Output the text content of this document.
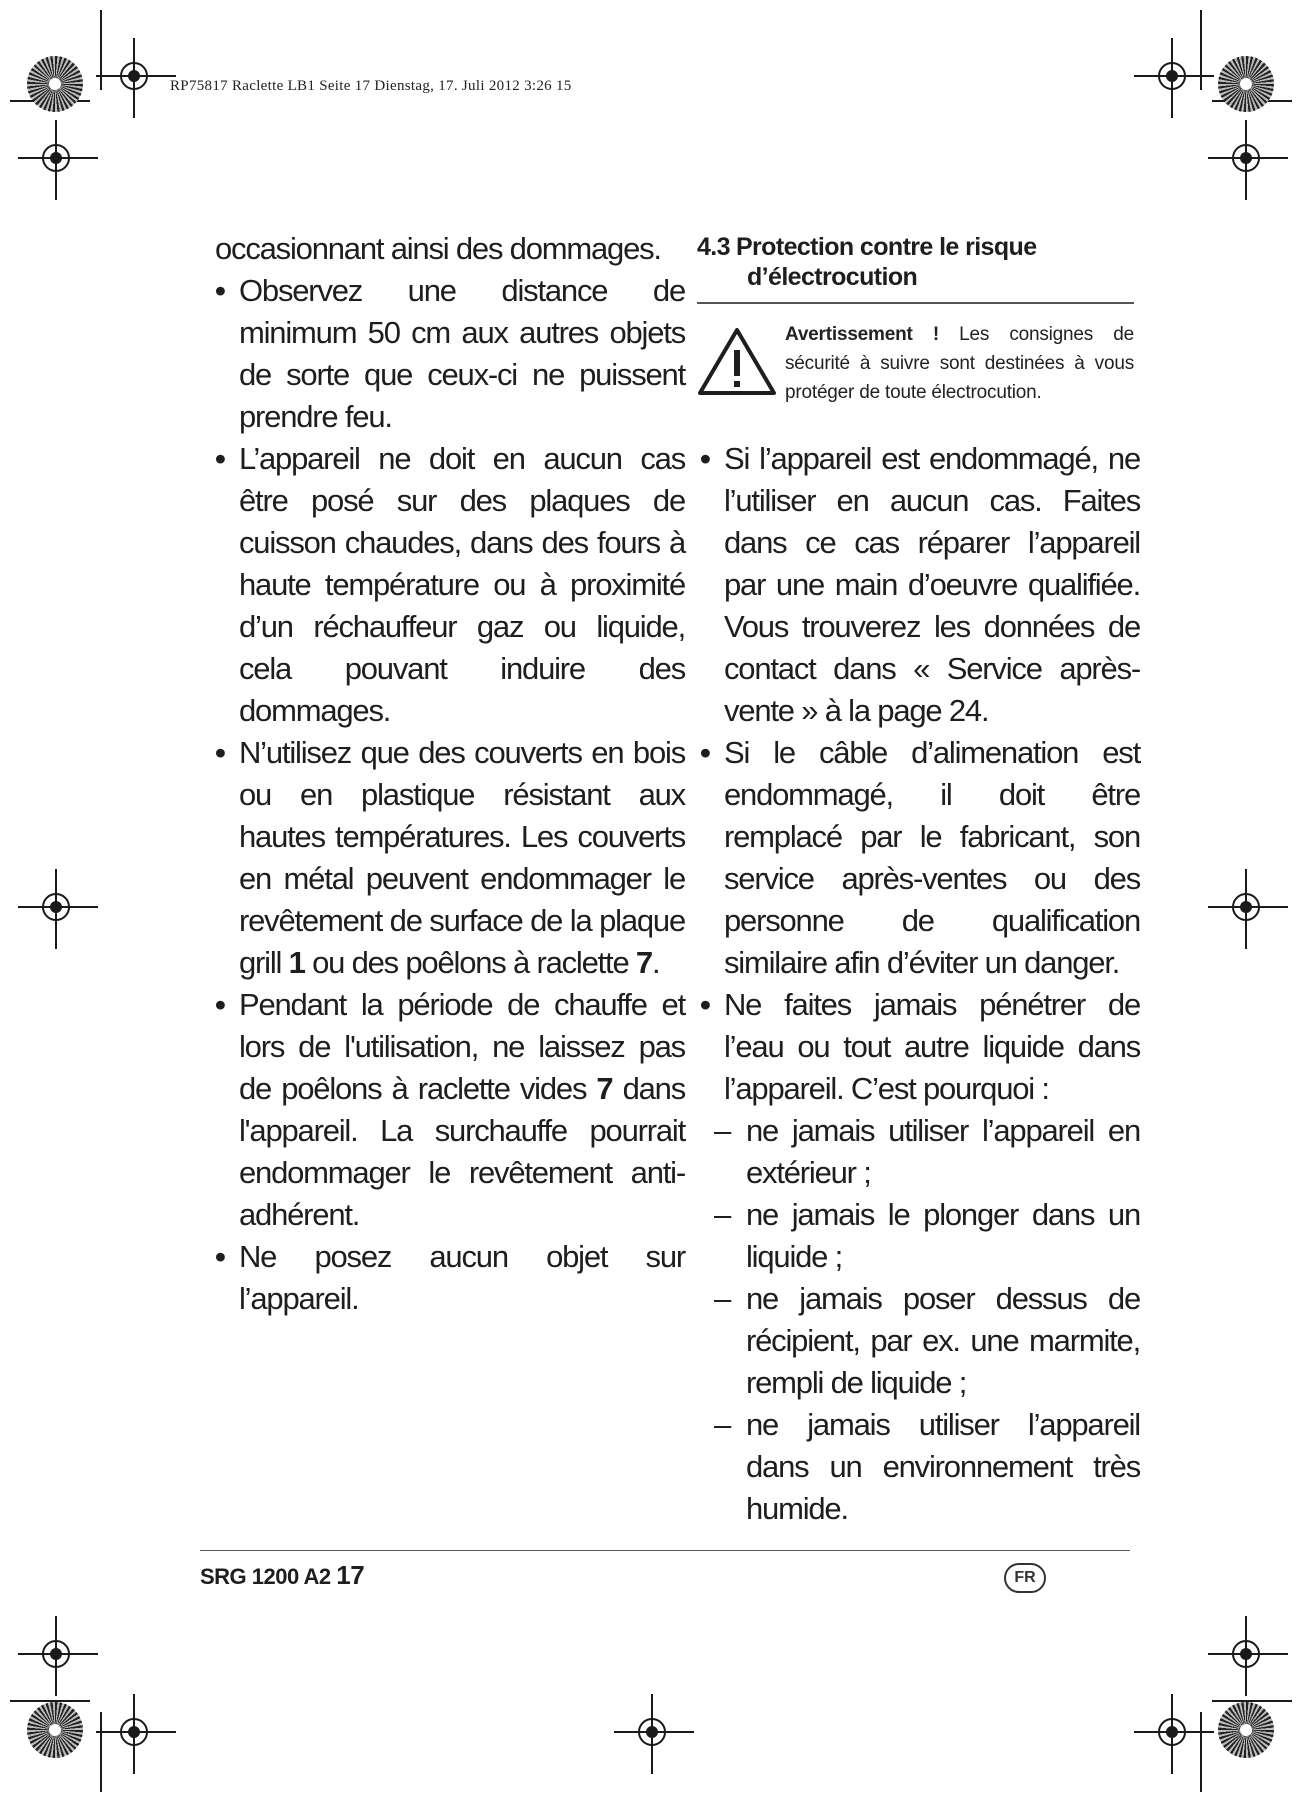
RP75817 Raclette LB1 Seite 17 Dienstag, 17. Juli 2012 3:26 15

occasionnant ainsi des dommages.

• Observez une distance de minimum 50 cm aux autres objets de sorte que ceux-ci ne puissent prendre feu.

• L’appareil ne doit en aucun cas être posé sur des plaques de cuisson chaudes, dans des fours à haute température ou à proximité d’un réchauffeur gaz ou liquide, cela pouvant induire des dommages.

• N’utilisez que des couverts en bois ou en plastique résistant aux hautes températures. Les couverts en métal peuvent endommager le revêtement de surface de la plaque grill 1 ou des poêlons à raclette 7.

• Pendant la période de chauffe et lors de l'utilisation, ne laissez pas de poêlons à raclette vides 7 dans l'appareil. La surchauffe pourrait endommager le revêtement anti-adhérent.

• Ne posez aucun objet sur l’appareil.

4.3 Protection contre le risque
d’électrocution
Avertissement ! Les consignes de sécurité à suivre sont destinées à vous protéger de toute électrocution.

• Si l’appareil est endommagé, ne l’utiliser en aucun cas. Faites dans ce cas réparer l’appareil par une main d’oeuvre qualifiée. Vous trouverez les données de contact dans « Service après-vente » à la page 24.

• Si le câble d’alimenation est endommagé, il doit être remplacé par le fabricant, son service après-ventes ou des personne de qualification similaire afin d’éviter un danger.

• Ne faites jamais pénétrer de l’eau ou tout autre liquide dans l’appareil. C’est pourquoi :

– ne jamais utiliser l’appareil en extérieur ;

– ne jamais le plonger dans un liquide ;

– ne jamais poser dessus de récipient, par ex. une marmite, rempli de liquide ;

– ne jamais utiliser l’appareil dans un environnement très humide.

SRG 1200 A2 17	FR
